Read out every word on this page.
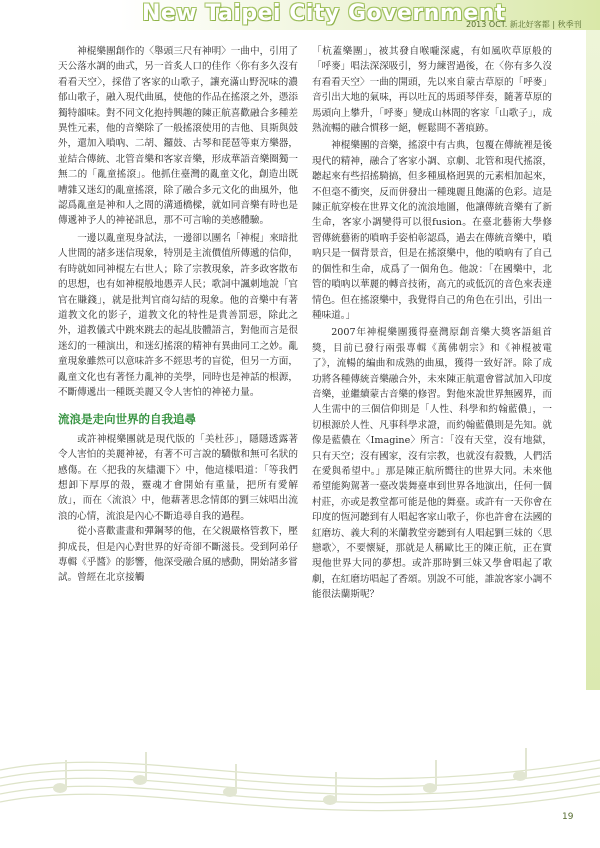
New Taipei City Government
2013 OCT. 新北好客都 | 秋季刊

神棍樂團創作的〈舉頭三尺有神明〉一曲中，引用了天公落水調的曲式，另一首炙人口的佳作〈你有多久沒有看看天空〉，採借了客家的山歌子，讓充滿山野況味的濃郁山歌子，融入現代曲風，使他的作品在搖滾之外，憑添獨特韻味。對不同文化抱持興趣的陳正航喜歡融合多種差異性元素，他的音樂除了一般搖滾使用的吉他、貝斯與鼓外，還加入嗩吶、二胡、鑼鼓、古琴和琵琶等東方樂器，並結合傳統、北管音樂和客家音樂，形成華語音樂圈獨一無二的「亂童搖滾」。他抓住臺灣的亂童文化，創造出既嘈雜又迷幻的亂童搖滾，除了融合多元文化的曲風外，他認爲亂童是神和人之間的溝通橋樑，就如同音樂有時也是傳遞神予人的神祕訊息，那不可言喻的美感體驗。

一邊以亂童現身試法，一邊卻以團名「神棍」來暗批人世間的諸多迷信現象，特別是主流價值所傳遞的信仰，有時就如同神棍左右世人；除了宗教現象，許多政客散布的思想，也有如神棍般地愚弄人民；歌詞中諷刺地說「官官在賺錢」，就是批判官商勾結的現象。他的音樂中有著道教文化的影子，道教文化的特性是貴善罰惡，除此之外，道教儀式中跳來跳去的起乩肢體語言，對他而言是很迷幻的一種演出，和迷幻搖滾的精神有異曲同工之妙。亂童現象雖然可以意味許多不經思考的盲從，但另一方面，亂童文化也有著怪力亂神的美學，同時也是神話的根源，不斷傳遞出一種既美麗又令人害怕的神祕力量。

流浪是走向世界的自我追尋

或許神棍樂團就是現代版的「美杜莎」，隱隱透露著令人害怕的美麗神祕，有著不可言說的驕傲和無可名狀的感傷。在〈把我的灰燼灑下〉中，他這樣唱道：「等我們想卸下厚厚的殼，靈魂才會開始有重量，把所有愛解放」，而在〈流浪〉中，他藉著思念情郎的劉三妹唱出流浪的心情，流浪是內心不斷追尋自我的過程。

從小喜歡畫畫和彈鋼琴的他，在父親嚴格管教下，壓抑成長，但是內心對世界的好奇卻不斷滋長。受到阿弟仔專輯《乎醬》的影響，他深受融合風的感動，開始諸多嘗試。曾經在北京接觸

「杭蓋樂團」，被其發自喉嚨深處，有如風吹草原般的「呼麥」唱法深深吸引，努力練習過後，在〈你有多久沒有看看天空〉一曲的開頭，先以來自蒙古草原的「呼麥」音引出大地的氣味，再以吐瓦的馬頭琴伴奏，隨著草原的馬頭向上攀升，「呼麥」變成山林間的客家「山歌子」，成熟流暢的融合慣移一絕，輕鬆間不著痕跡。

神棍樂團的音樂，搖滾中有古典，包覆在傳統裡是後現代的精神，融合了客家小調、京劇、北管和現代搖滾，聽起來有些招搖騎搞，但多種風格迥異的元素相加起來，不但毫不衝突，反而併發出一種瑰麗且飽滿的色彩。這是陳正航穿梭在世界文化的流浪地圖，他讓傳統音樂有了新生命，客家小調變得可以很fusion。在臺北藝術大學修習傳統藝術的嗩吶手姿柏彰認爲，過去在傳統音樂中，嗩吶只是一個背景音，但是在搖滾樂中，他的嗩吶有了自己的個性和生命，成爲了一個角色。他說：「在國樂中，北管的嗩吶以華麗的轉音技術，高亢的或低沉的音色來表達情色。但在搖滾樂中，我覺得自己的角色在引出，引出一種味道。」

2007年神棍樂團獲得臺灣原創音樂大獎客語組首獎，目前已發行兩張專輯《萬佛朝宗》和《神棍被電了》，流暢的編曲和成熟的曲風，獲得一致好評。除了成功將各種傳統音樂融合外，未來陳正航還會嘗試加入印度音樂，並繼續蒙古音樂的修習。對他來說世界無國界，而人生需中的三個信仰則是「人性、科學和約翰藍儂」，一切根源於人性、凡事科學求證，而約翰藍儂則是先知。就像是藍儂在〈Imagine〉所言：「沒有天堂，沒有地獄，只有天空；沒有國家，沒有宗教，也就沒有殺戮，人們活在愛與希望中。」那是陳正航所嚮往的世界大同。未來他希望能夠駕著一臺改裝舞臺車到世界各地演出，任何一個村莊，亦或是教堂都可能是他的舞臺。或許有一天你會在印度的恆河聽到有人唱起客家山歌子，你也許會在法國的紅磨坊、義大利的米蘭教堂旁聽到有人唱起劉三妹的〈思戀歌〉，不要懷疑，那就是人稱歐比王的陳正航，正在實現他世界大同的夢想。或許那時劉三妹又學會唱起了歌劇，在紅磨坊唱起了香頌。別說不可能，誰說客家小調不能很法蘭斯呢？

19
